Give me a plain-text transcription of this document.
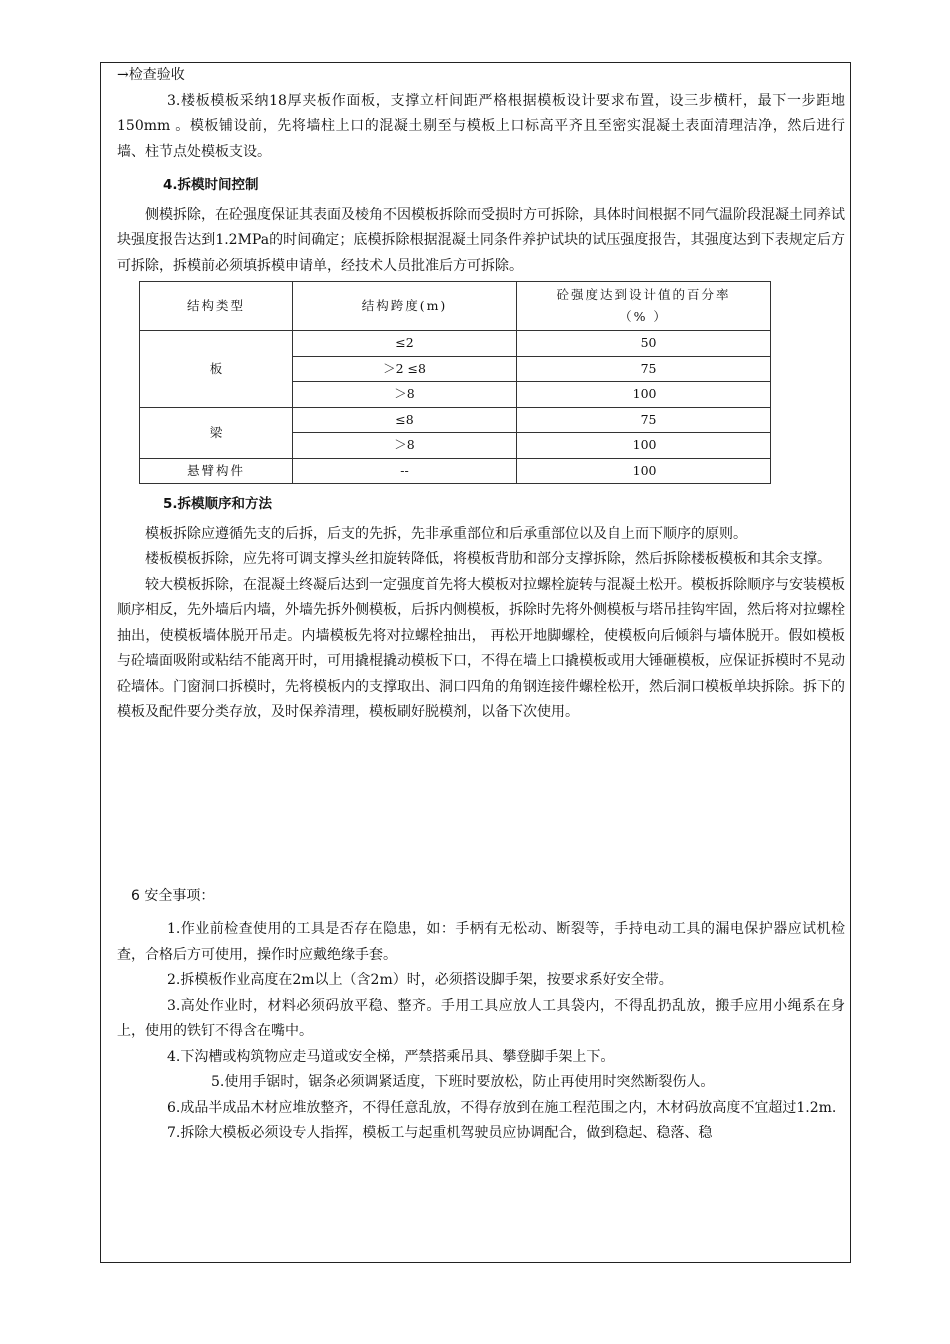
→检查验收

3.楼板模板采纳18厚夹板作面板，支撑立杆间距严格根据模板设计要求布置，设三步横杆，最下一步距地150mm 。模板铺设前，先将墙柱上口的混凝土剔至与模板上口标高平齐且至密实混凝土表面清理洁净，然后进行墙、柱节点处模板支设。

4.拆模时间控制

侧模拆除，在砼强度保证其表面及棱角不因模板拆除而受损时方可拆除，具体时间根据不同气温阶段混凝土同养试块强度报告达到1.2MPa的时间确定；底模拆除根据混凝土同条件养护试块的试压强度报告，其强度达到下表规定后方可拆除，拆模前必须填拆模申请单，经技术人员批准后方可拆除。

结构类型	结构跨度(m)	砼强度达到设计值的百分率
（% ）

板	≤2	50
	＞2 ≤8	75
	＞8	100
梁	≤8	75
	＞8	100
悬臂构件	--	100

5.拆模顺序和方法

模板拆除应遵循先支的后拆，后支的先拆，先非承重部位和后承重部位以及自上而下顺序的原则。

楼板模板拆除，应先将可调支撑头丝扣旋转降低，将模板背肋和部分支撑拆除，然后拆除楼板模板和其余支撑。

较大模板拆除，在混凝土终凝后达到一定强度首先将大模板对拉螺栓旋转与混凝土松开。模板拆除顺序与安装模板顺序相反，先外墙后内墙，外墙先拆外侧模板，后拆内侧模板，拆除时先将外侧模板与塔吊挂钩牢固，然后将对拉螺栓抽出，使模板墙体脱开吊走。内墙模板先将对拉螺栓抽出， 再松开地脚螺栓，使模板向后倾斜与墙体脱开。假如模板与砼墙面吸附或粘结不能离开时，可用撬棍撬动模板下口，不得在墙上口撬模板或用大锤砸模板，应保证拆模时不晃动砼墙体。门窗洞口拆模时，先将模板内的支撑取出、洞口四角的角钢连接件螺栓松开，然后洞口模板单块拆除。拆下的模板及配件要分类存放，及时保养清理，模板刷好脱模剂，以备下次使用。

6 安全事项：

1.作业前检查使用的工具是否存在隐患，如：手柄有无松动、断裂等，手持电动工具的漏电保护器应试机检查，合格后方可使用，操作时应戴绝缘手套。

2.拆模板作业高度在2m以上（含2m）时，必须搭设脚手架，按要求系好安全带。

3.高处作业时，材料必须码放平稳、整齐。手用工具应放人工具袋内，不得乱扔乱放，搬手应用小绳系在身上，使用的铁钉不得含在嘴中。

4.下沟槽或构筑物应走马道或安全梯，严禁搭乘吊具、攀登脚手架上下。

5.使用手锯时，锯条必须调紧适度，下班时要放松，防止再使用时突然断裂伤人。

6.成品半成品木材应堆放整齐，不得任意乱放，不得存放到在施工程范围之内，木材码放高度不宜超过1.2m.

7.拆除大模板必须设专人指挥，模板工与起重机驾驶员应协调配合，做到稳起、稳落、稳
